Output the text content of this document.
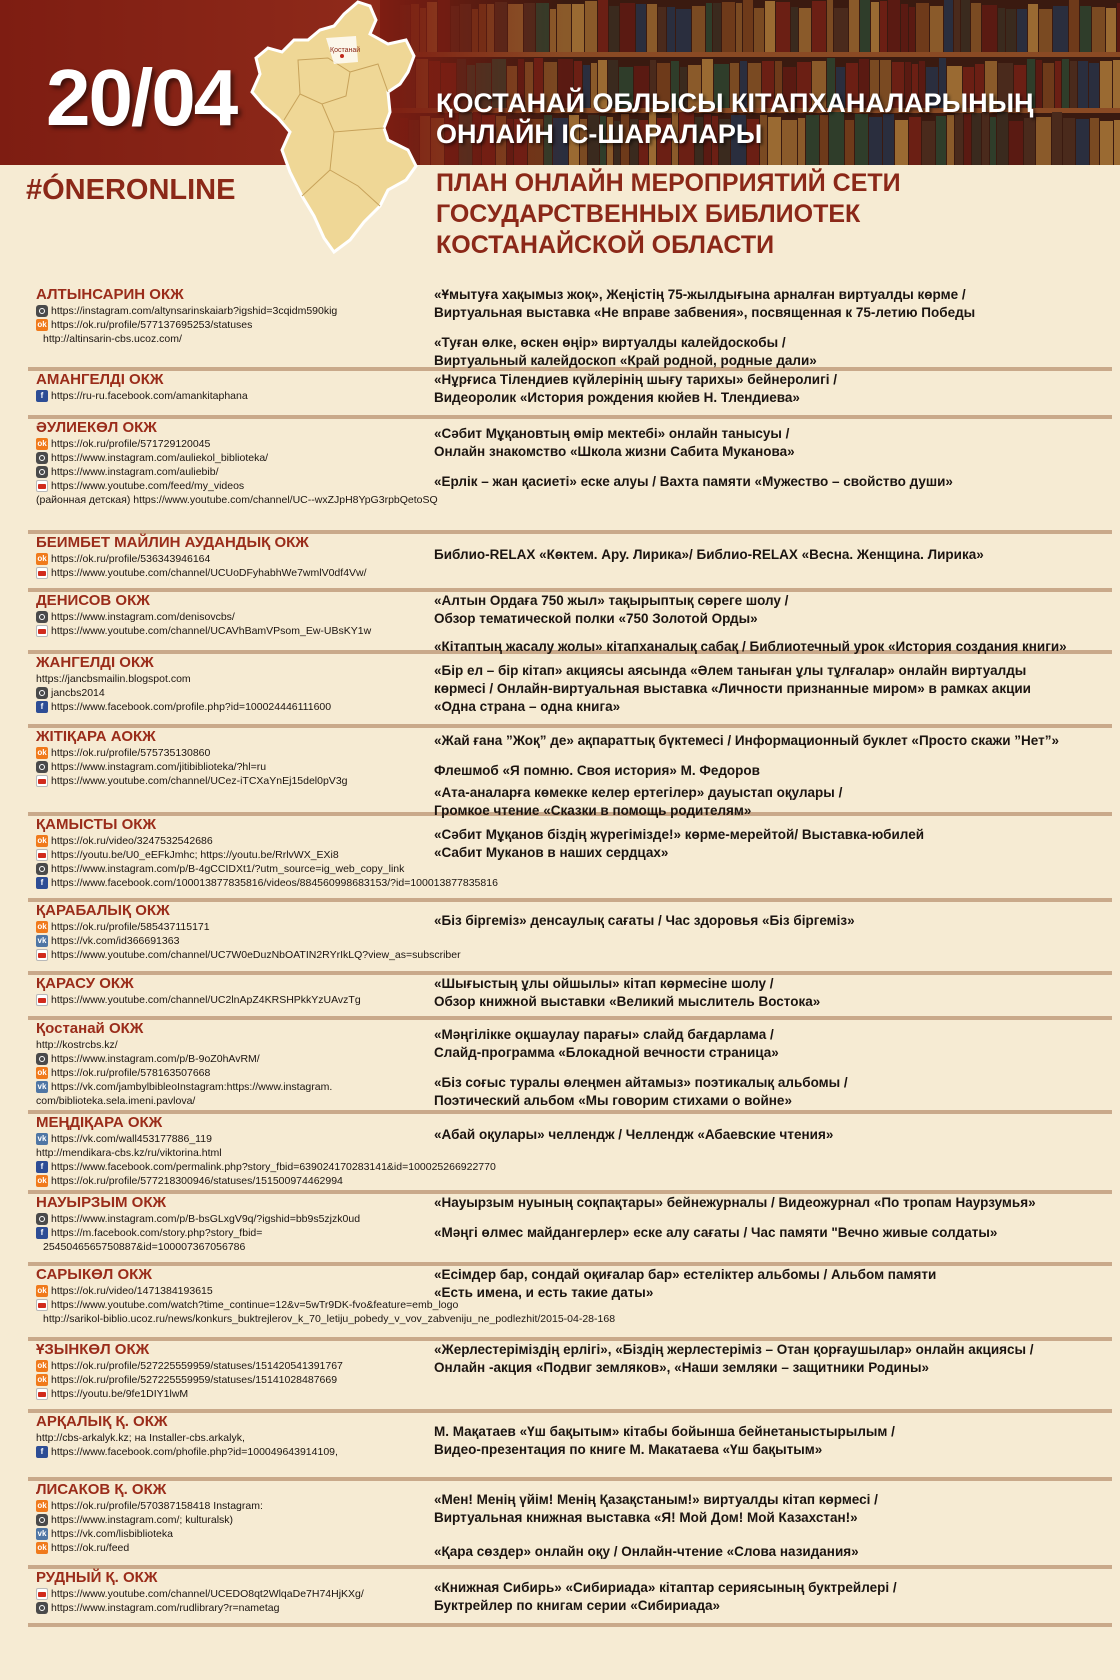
20/04	ҚОСТАНАЙ ОБЛЫСЫ КІТАПХАНАЛАРЫНЫҢ
ОНЛАЙН ІС-ШАРАЛАРЫ
Қостанай
#ÓNERONLINE	ПЛАН ОНЛАЙН МЕРОПРИЯТИЙ СЕТИ
ГОСУДАРСТВЕННЫХ БИБЛИОТЕК
КОСТАНАЙСКОЙ ОБЛАСТИ
АЛТЫНСАРИН ОКЖ
https://instagram.com/altynsarinskaiarb?igshid=3cqidm590kig
ok https://ok.ru/profile/577137695253/statuses
http://altinsarin-cbs.ucoz.com/
«Ұмытуға хақымыз жоқ», Жеңістің 75-жылдығына арналған виртуалды көрме /
Виртуальная выставка «Не вправе забвения», посвященная к 75-летию Победы
«Туған өлке, өскен өңір» виртуалды калейдоскобы /
Виртуальный калейдоскоп «Край родной, родные дали»
АМАНГЕЛДІ ОКЖ
f https://ru-ru.facebook.com/amankitaphana
«Нұрғиса Тілендиев күйлерінің шығу тарихы» бейнеролигі /
Видеоролик «История рождения кюйев Н. Тлендиева»
ӘУЛИЕКӨЛ ОКЖ
ok https://ok.ru/profile/571729120045
https://www.instagram.com/auliekol_biblioteka/
https://www.instagram.com/auliebib/
https://www.youtube.com/feed/my_videos
(районная детская) https://www.youtube.com/channel/UC--wxZJpH8YpG3rpbQetoSQ
«Сәбит Мұқановтың өмір мектебі» онлайн танысуы /
Онлайн знакомство «Школа жизни Сабита Муканова»
«Ерлік – жан қасиеті» еске алуы / Вахта памяти «Мужество – свойство души»
БЕИМБЕТ МАЙЛИН АУДАНДЫҚ ОКЖ
ok https://ok.ru/profile/536343946164
https://www.youtube.com/channel/UCUoDFyhabhWe7wmlV0df4Vw/
Библио-RELAX «Көктем. Ару. Лирика»/ Библио-RELAX «Весна. Женщина. Лирика»
ДЕНИСОВ ОКЖ
https://www.instagram.com/denisovcbs/
https://www.youtube.com/channel/UCAVhBamVPsom_Ew-UBsKY1w
«Алтын Ордаға 750 жыл» тақырыптық сөреге шолу /
Обзор тематической полки «750 Золотой Орды»
«Кітаптың жасалу жолы» кітапханалық сабақ / Библиотечный урок «История создания книги»
ЖАНГЕЛДІ ОКЖ
https://jancbsmailin.blogspot.com
jancbs2014
f https://www.facebook.com/profile.php?id=100024446111600
«Бір ел – бір кітап» акциясы аясында «Әлем таныған ұлы тұлғалар» онлайн виртуалды
көрмесі / Онлайн-виртуальная выставка «Личности признанные миром» в рамках акции
«Одна страна – одна книга»
ЖІТІҚАРА АОКЖ
ok https://ok.ru/profile/575735130860
https://www.instagram.com/jitibiblioteka/?hl=ru
https://www.youtube.com/channel/UCez-iTCXaYnEj15del0pV3g
«Жай ғана ”Жоқ” де» ақпараттық бүктемесі / Информационный буклет «Просто скажи ”Нет”»
Флешмоб «Я помню. Своя история» М. Федоров
«Ата-аналарға көмекке келер ертегілер» дауыстап оқулары /
Громкое чтение «Сказки в помощь родителям»
ҚАМЫСТЫ ОКЖ
ok https://ok.ru/video/3247532542686
https://youtu.be/U0_eEFkJmhc; https://youtu.be/RrlvWX_EXi8
https://www.instagram.com/p/B-4gCCIDXt1/?utm_source=ig_web_copy_link
f https://www.facebook.com/100013877835816/videos/884560998683153/?id=100013877835816
«Сәбит Мұқанов біздің жүрегімізде!» көрме-мерейтой/ Выставка-юбилей
«Сабит Муканов в наших сердцах»
ҚАРАБАЛЫҚ ОКЖ
ok https://ok.ru/profile/585437115171
vk https://vk.com/id366691363
https://www.youtube.com/channel/UC7W0eDuzNbOATIN2RYrIkLQ?view_as=subscriber
«Біз біргеміз» денсаулық сағаты / Час здоровья «Біз біргеміз»
ҚАРАСУ ОКЖ
https://www.youtube.com/channel/UC2lnApZ4KRSHPkkYzUAvzTg
«Шығыстың ұлы ойшылы» кітап көрмесіне шолу /
Обзор книжной выставки «Великий мыслитель Востока»
Қостанай ОКЖ
http://kostrcbs.kz/
https://www.instagram.com/p/B-9oZ0hAvRM/
ok https://ok.ru/profile/578163507668
vk https://vk.com/jambylbibleoInstagram:https://www.instagram.
com/biblioteka.sela.imeni.pavlova/
«Мәңгілікке оқшаулау парағы» слайд бағдарлама /
Слайд-программа «Блокадной вечности страница»
«Біз соғыс туралы өлеңмен айтамыз» поэтикалық альбомы /
Поэтический альбом «Мы говорим стихами о войне»
МЕҢДІҚАРА ОКЖ
vk https://vk.com/wall453177886_119
http://mendikara-cbs.kz/ru/viktorina.html
f https://www.facebook.com/permalink.php?story_fbid=639024170283141&id=100025266922770
ok https://ok.ru/profile/577218300946/statuses/151500974462994
«Абай оқулары» челлендж / Челлендж «Абаевские чтения»
НАУЫРЗЫМ ОКЖ
https://www.instagram.com/p/B-bsGLxgV9q/?igshid=bb9s5zjzk0ud
f https://m.facebook.com/story.php?story_fbid=
2545046565750887&id=100007367056786
«Науырзым нуының соқпақтары» бейнежурналы / Видеожурнал «По тропам Наурзумья»
«Мәңгі өлмес майдангерлер» еске алу сағаты / Час памяти "Вечно живые солдаты»
САРЫКӨЛ ОКЖ
ok https://ok.ru/video/1471384193615
https://www.youtube.com/watch?time_continue=12&v=5wTr9DK-fvo&feature=emb_logo
http://sarikol-biblio.ucoz.ru/news/konkurs_buktrejlerov_k_70_letiju_pobedy_v_vov_zabveniju_ne_podlezhit/2015-04-28-168
«Есімдер бар, сондай оқиғалар бар» естеліктер альбомы / Альбом памяти
«Есть имена, и есть такие даты»
ҰЗЫНКӨЛ ОКЖ
ok https://ok.ru/profile/527225559959/statuses/151420541391767
ok https://ok.ru/profile/527225559959/statuses/15141028487669
https://youtu.be/9fe1DIY1lwM
«Жерлестеріміздің ерлігі», «Біздің жерлестеріміз – Отан қорғаушылар» онлайн акциясы /
Онлайн -акция «Подвиг земляков», «Наши земляки – защитники Родины»
АРҚАЛЫҚ Қ. ОКЖ
http://cbs-arkalyk.kz; на Installer-cbs.arkalyk,
f https://www.facebook.com/phofile.php?id=100049643914109,
М. Мақатаев «Үш бақытым» кітабы бойынша бейнетаныстырылым /
Видео-презентация по книге М. Макатаева «Үш бақытым»
ЛИСАКОВ Қ. ОКЖ
ok https://ok.ru/profile/570387158418 Instagram:
https://www.instagram.com/; kulturalsk)
vk https://vk.com/lisbiblioteka
ok https://ok.ru/feed
«Мен! Менің үйім! Менің Қазақстаным!» виртуалды кітап көрмесі /
Виртуальная книжная выставка «Я! Мой Дом! Мой Казахстан!»
«Қара сөздер» онлайн оқу / Онлайн-чтение «Слова назидания»
РУДНЫЙ Қ. ОКЖ
https://www.youtube.com/channel/UCEDO8qt2WlqaDe7H74HjKXg/
https://www.instagram.com/rudlibrary?r=nametag
«Книжная Сибирь» «Сибириада» кітаптар сериясының буктрейлері /
Буктрейлер по книгам серии «Сибириада»
